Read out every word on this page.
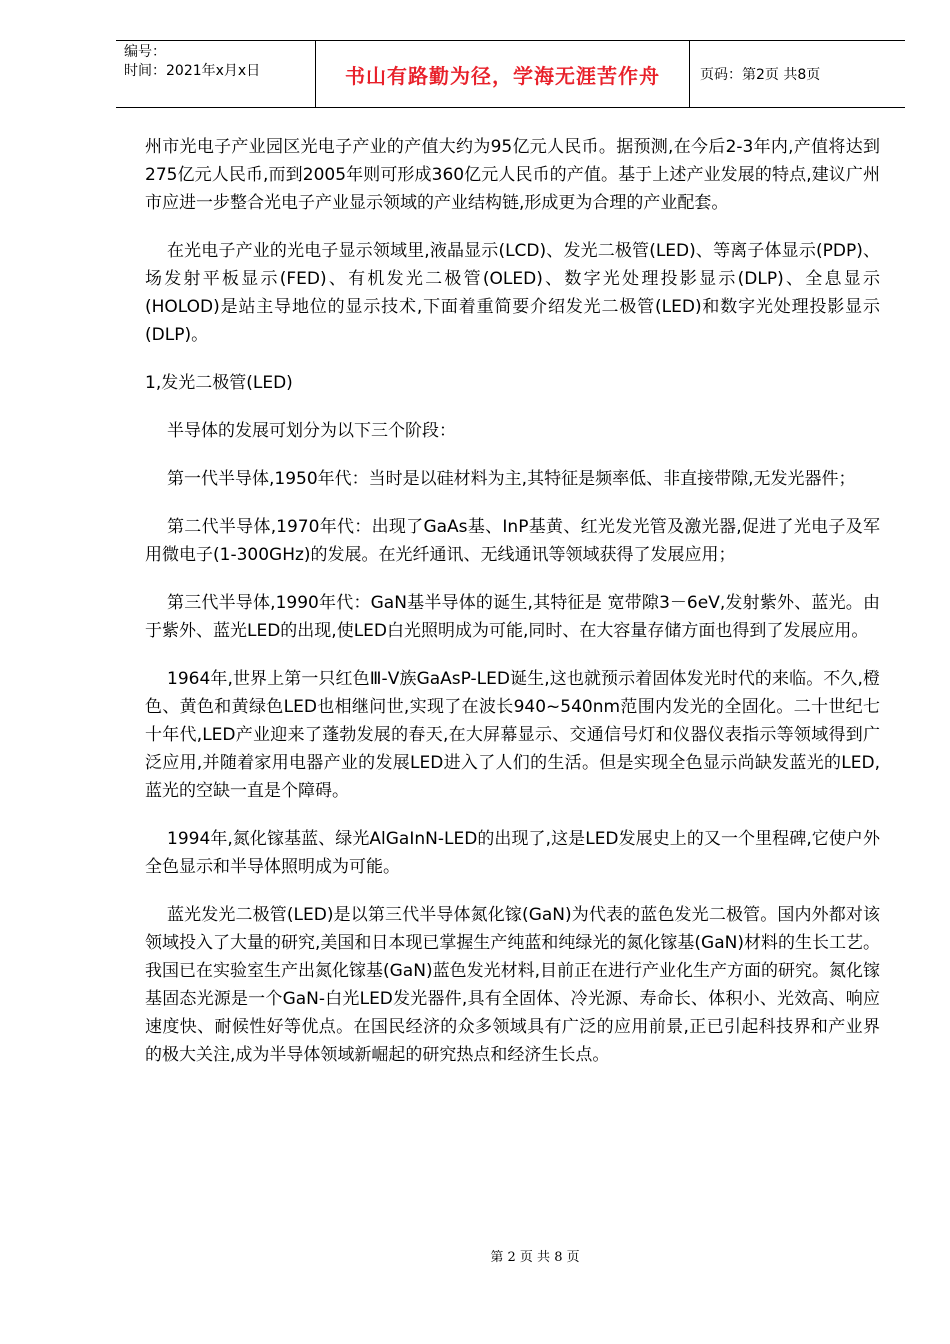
编号：
时间：2021年x月x日	书山有路勤为径，学海无涯苦作舟	页码：第2页 共8页

州市光电子产业园区光电子产业的产值大约为95亿元人民币。据预测,在今后2-3年内,产值将达到275亿元人民币,而到2005年则可形成360亿元人民币的产值。基于上述产业发展的特点,建议广州市应进一步整合光电子产业显示领域的产业结构链,形成更为合理的产业配套。

在光电子产业的光电子显示领域里,液晶显示(LCD)、发光二极管(LED)、等离子体显示(PDP)、场发射平板显示(FED)、有机发光二极管(OLED)、数字光处理投影显示(DLP)、全息显示(HOLOD)是站主导地位的显示技术,下面着重简要介绍发光二极管(LED)和数字光处理投影显示(DLP)。

1,发光二极管(LED)

半导体的发展可划分为以下三个阶段：

第一代半导体,1950年代：当时是以硅材料为主,其特征是频率低、非直接带隙,无发光器件；

第二代半导体,1970年代：出现了GaAs基、InP基黄、红光发光管及激光器,促进了光电子及军用微电子(1-300GHz)的发展。在光纤通讯、无线通讯等领域获得了发展应用；

第三代半导体,1990年代：GaN基半导体的诞生,其特征是 宽带隙3－6eV,发射紫外、蓝光。由于紫外、蓝光LED的出现,使LED白光照明成为可能,同时、在大容量存储方面也得到了发展应用。

1964年,世界上第一只红色Ⅲ-Ⅴ族GaAsP-LED诞生,这也就预示着固体发光时代的来临。不久,橙色、黄色和黄绿色LED也相继问世,实现了在波长940~540nm范围内发光的全固化。二十世纪七十年代,LED产业迎来了蓬勃发展的春天,在大屏幕显示、交通信号灯和仪器仪表指示等领域得到广泛应用,并随着家用电器产业的发展LED进入了人们的生活。但是实现全色显示尚缺发蓝光的LED,蓝光的空缺一直是个障碍。

1994年,氮化镓基蓝、绿光AlGaInN-LED的出现了,这是LED发展史上的又一个里程碑,它使户外全色显示和半导体照明成为可能。

蓝光发光二极管(LED)是以第三代半导体氮化镓(GaN)为代表的蓝色发光二极管。国内外都对该领域投入了大量的研究,美国和日本现已掌握生产纯蓝和纯绿光的氮化镓基(GaN)材料的生长工艺。我国已在实验室生产出氮化镓基(GaN)蓝色发光材料,目前正在进行产业化生产方面的研究。氮化镓基固态光源是一个GaN-白光LED发光器件,具有全固体、冷光源、寿命长、体积小、光效高、响应速度快、耐候性好等优点。在国民经济的众多领域具有广泛的应用前景,正已引起科技界和产业界的极大关注,成为半导体领域新崛起的研究热点和经济生长点。

第 2 页 共 8 页
